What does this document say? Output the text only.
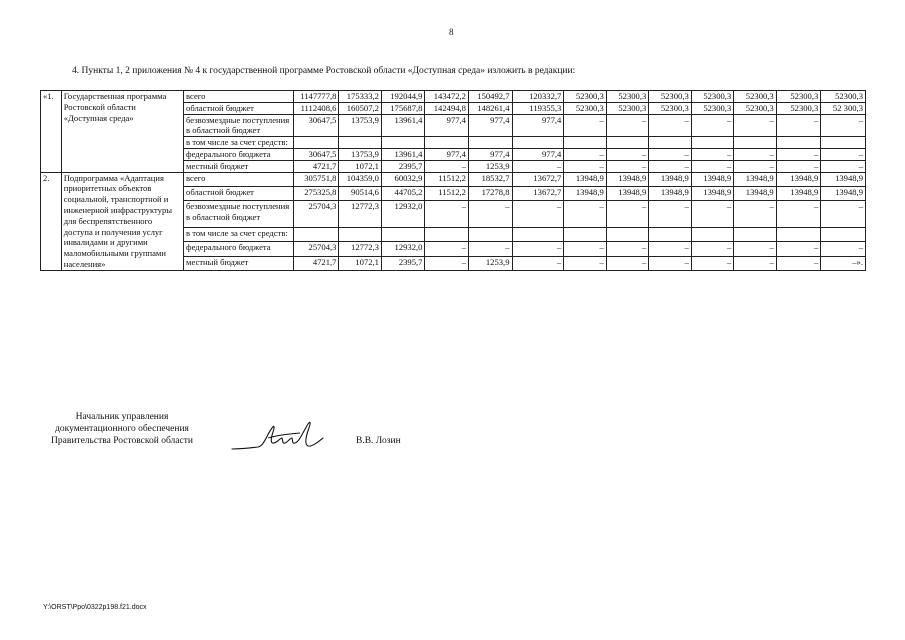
8
4. Пункты 1, 2 приложения № 4 к государственной программе Ростовской области «Доступная среда» изложить в редакции:
«1.	Государственная программа Ростовской области «Доступная среда»	всего	1147777,8	175333,2	192044,9	143472,2	150492,7	120332,7	52300,3	52300,3	52300,3	52300,3	52300,3	52300,3	52300,3
		областной бюджет	1112408,6	160507,2	175687,8	142494,8	148261,4	119355,3	52300,3	52300,3	52300,3	52300,3	52300,3	52300,3	52 300,3
		безвозмездные поступления в областной бюджет	30647,5	13753,9	13961,4	977,4	977,4	977,4	–	–	–	–	–	–	–
		в том числе за счет средств:													
		федерального бюджета	30647,5	13753,9	13961,4	977,4	977,4	977,4	–	–	–	–	–	–	–
		местный бюджет	4721,7	1072,1	2395,7	–	1253,9	–	–	–	–	–	–	–	–
2.	Подпрограмма «Адаптация приоритетных объектов социальной, транспортной и инженерной инфраструктуры для беспрепятственного доступа и получения услуг инвалидами и другими маломобильными группами населения»	всего	305751,8	104359,0	60032,9	11512,2	18532,7	13672,7	13948,9	13948,9	13948,9	13948,9	13948,9	13948,9	13948,9
		областной бюджет	275325,8	90514,6	44705,2	11512,2	17278,8	13672,7	13948,9	13948,9	13948,9	13948,9	13948,9	13948,9	13948,9
		безвозмездные поступления в областной бюджет	25704,3	12772,3	12932,0	–	–	–	–	–	–	–	–	–	–
		в том числе за счет средств:													
		федерального бюджета	25704,3	12772,3	12932,0	–	–	–	–	–	–	–	–	–	–
		местный бюджет	4721,7	1072,1	2395,7	–	1253,9	–	–	–	–	–	–	–	–».
Начальник управления
документационного обеспечения
Правительства Ростовской области	В.В. Лозин
Y:\ORST\Ppo\0322p198.f21.docx
